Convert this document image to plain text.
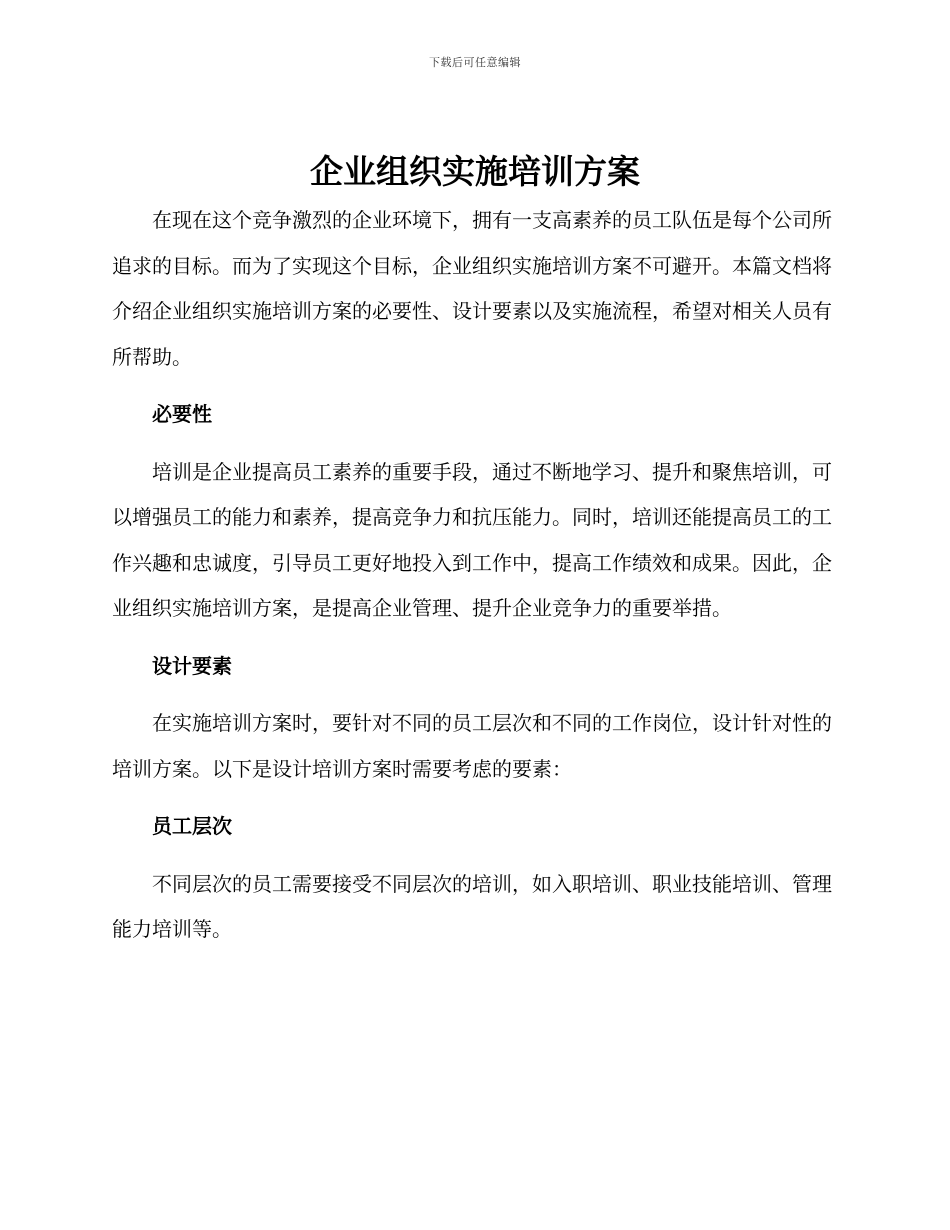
下载后可任意编辑
企业组织实施培训方案

在现在这个竞争激烈的企业环境下，拥有一支高素养的员工队伍是每个公司所追求的目标。而为了实现这个目标，企业组织实施培训方案不可避开。本篇文档将介绍企业组织实施培训方案的必要性、设计要素以及实施流程，希望对相关人员有所帮助。

必要性

培训是企业提高员工素养的重要手段，通过不断地学习、提升和聚焦培训，可以增强员工的能力和素养，提高竞争力和抗压能力。同时，培训还能提高员工的工作兴趣和忠诚度，引导员工更好地投入到工作中，提高工作绩效和成果。因此，企业组织实施培训方案，是提高企业管理、提升企业竞争力的重要举措。

设计要素

在实施培训方案时，要针对不同的员工层次和不同的工作岗位，设计针对性的培训方案。以下是设计培训方案时需要考虑的要素：

员工层次

不同层次的员工需要接受不同层次的培训，如入职培训、职业技能培训、管理能力培训等。
